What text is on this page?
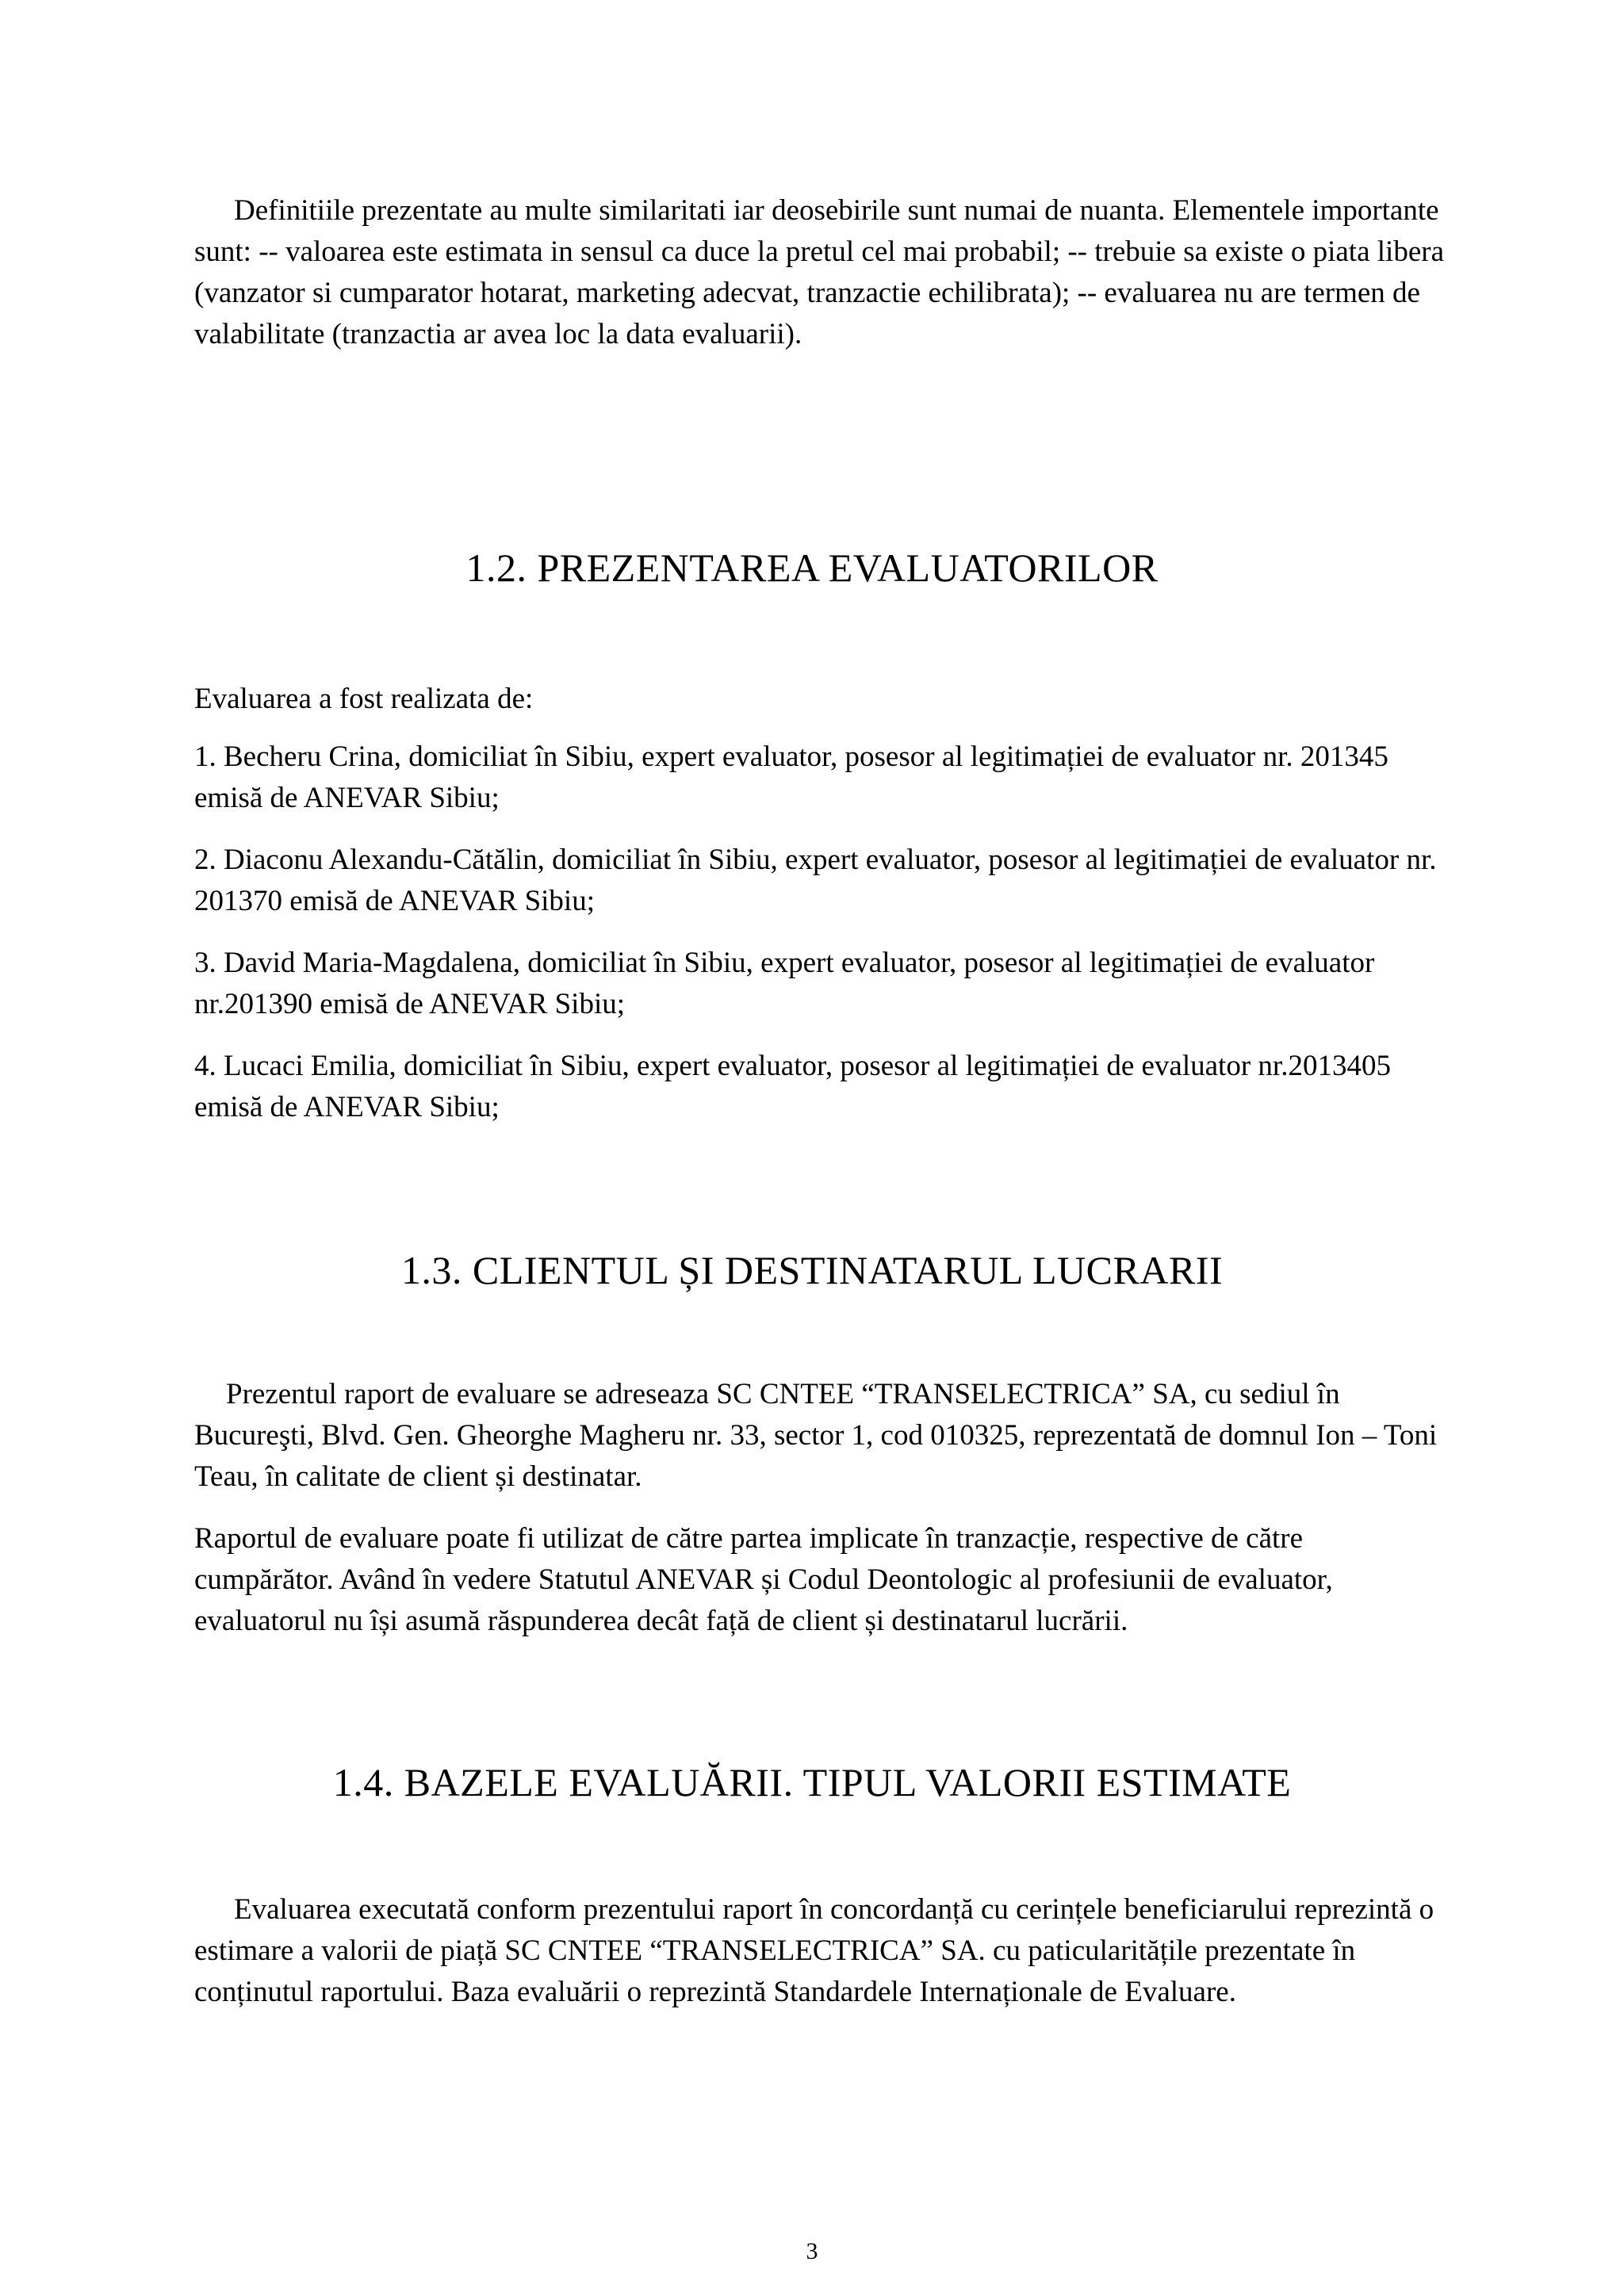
Definitiile prezentate au multe similaritati iar deosebirile sunt numai de nuanta. Elementele importante sunt: -- valoarea este estimata in sensul ca duce la pretul cel mai probabil; -- trebuie sa existe o piata libera (vanzator si cumparator hotarat, marketing adecvat, tranzactie echilibrata); -- evaluarea nu are termen de valabilitate (tranzactia ar avea loc la data evaluarii).

1.2. PREZENTAREA EVALUATORILOR

Evaluarea a fost realizata de:

1. Becheru Crina, domiciliat în Sibiu, expert evaluator, posesor al legitimației de evaluator nr. 201345 emisă de ANEVAR Sibiu;

2. Diaconu Alexandu-Cătălin, domiciliat în Sibiu, expert evaluator, posesor al legitimației de evaluator nr. 201370 emisă de ANEVAR Sibiu;

3. David Maria-Magdalena, domiciliat în Sibiu, expert evaluator, posesor al legitimației de evaluator nr.201390 emisă de ANEVAR Sibiu;

4. Lucaci Emilia, domiciliat în Sibiu, expert evaluator, posesor al legitimației de evaluator nr.2013405 emisă de ANEVAR Sibiu;

1.3. CLIENTUL ȘI DESTINATARUL LUCRARII

Prezentul raport de evaluare se adreseaza SC CNTEE “TRANSELECTRICA” SA, cu sediul în Bucureşti, Blvd. Gen. Gheorghe Magheru nr. 33, sector 1, cod 010325, reprezentată de domnul Ion – Toni Teau, în calitate de client și destinatar.

Raportul de evaluare poate fi utilizat de către partea implicate în tranzacție, respective de către cumpărător. Având în vedere Statutul ANEVAR și Codul Deontologic al profesiunii de evaluator, evaluatorul nu își asumă răspunderea decât față de client și destinatarul lucrării.

1.4. BAZELE EVALUĂRII. TIPUL VALORII ESTIMATE

Evaluarea executată conform prezentului raport în concordanță cu cerințele beneficiarului reprezintă o estimare a valorii de piață SC CNTEE “TRANSELECTRICA” SA. cu paticularitățile prezentate în conținutul raportului. Baza evaluării o reprezintă Standardele Internaționale de Evaluare.

3
